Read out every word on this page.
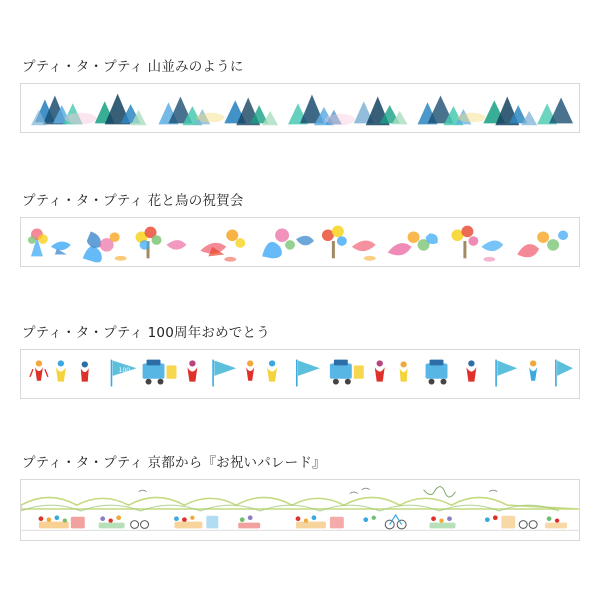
プティ・タ・プティ 山並みのように
プティ・タ・プティ 花と鳥の祝賀会
プティ・タ・プティ 100周年おめでとう
100
プティ・タ・プティ 京都から『お祝いパレード』
